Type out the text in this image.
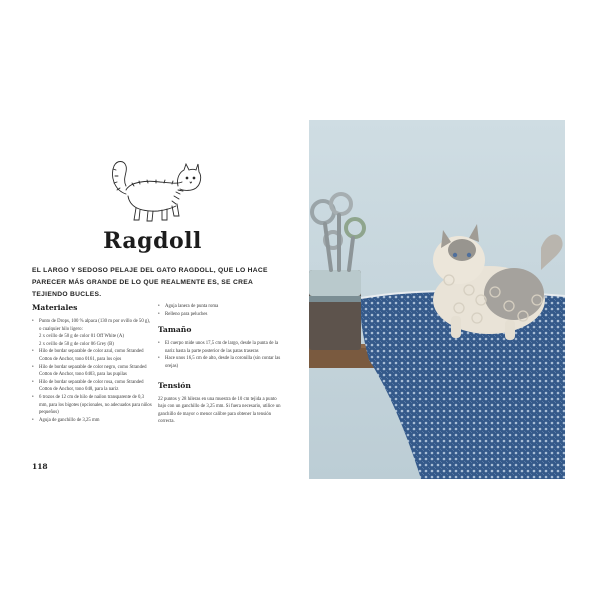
Ragdoll
EL LARGO Y SEDOSO PELAJE DEL GATO RAGDOLL, QUE LO HACE PARECER MÁS GRANDE DE LO QUE REALMENTE ES, SE CREA TEJIENDO BUCLES.
Materiales
• Punto de Drops, 100 % alpaca (130 m por ovillo de 50 g), o cualquier hilo ligero:
2 x ovillo de 50 g de color 01 Off White (A)
2 x ovillo de 50 g de color 06 Grey (B)
• Hilo de bordar separable de color azul, como Stranded Cotton de Anchor, tono 0161, para los ojos
• Hilo de bordar separable de color negro, como Stranded Cotton de Anchor, tono 0403, para las pupilas
• Hilo de bordar separable de color rosa, como Stranded Cotton de Anchor, tono 048, para la nariz
• 6 trozos de 12 cm de hilo de nailon transparente de 0,3 mm, para los bigotes (opcionales, no adecuados para niños pequeños)
• Aguja de ganchillo de 3,25 mm
• Aguja lanera de punta roma
• Relleno para peluches
Tamaño
• El cuerpo mide unos 17,5 cm de largo, desde la punta de la nariz hasta la parte posterior de las patas traseras
• Hace unos 16,5 cm de alto, desde la coronilla (sin contar las orejas)
Tensión
22 puntos y 28 hileras en una muestra de 10 cm tejida a punto bajo con un ganchillo de 3,25 mm. Si fuera necesario, utilice un ganchillo de mayor o menor calibre para obtener la tensión correcta.
118
